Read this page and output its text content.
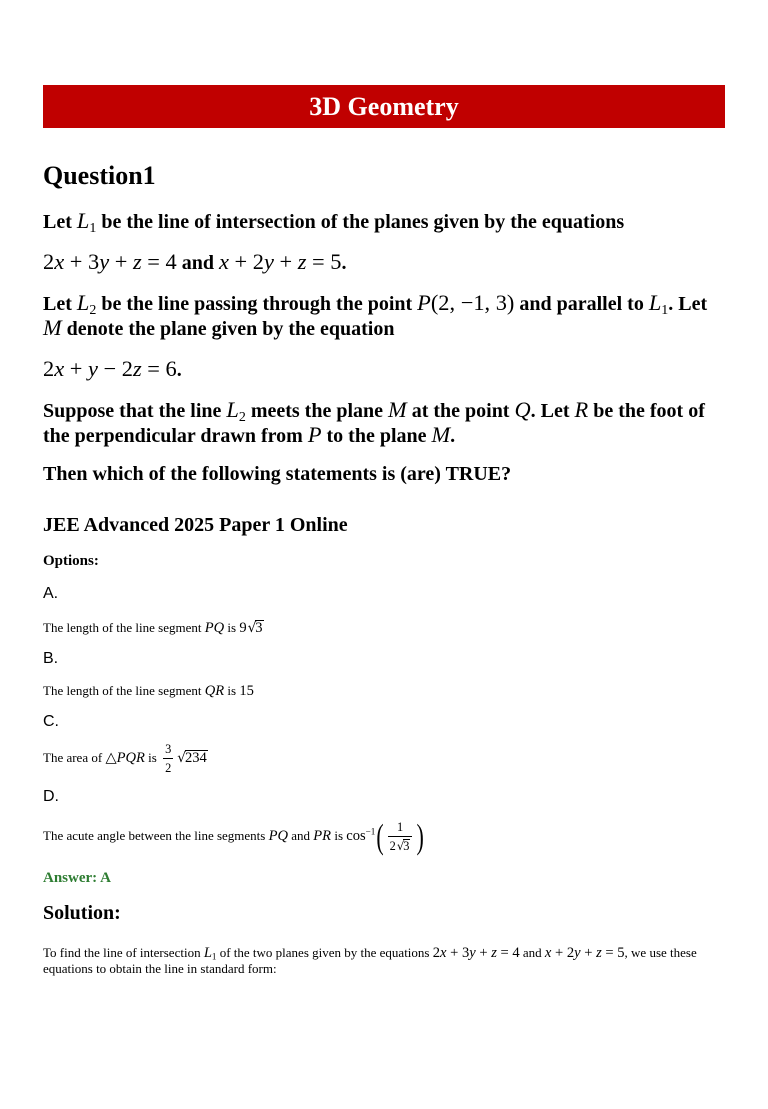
3D Geometry
Question1
Let $L_1$ be the line of intersection of the planes given by the equations
2x + 3y + z = 4 and x + 2y + z = 5.
Let $L_2$ be the line passing through the point P(2, −1, 3) and parallel to $L_1$. Let M denote the plane given by the equation
2x + y − 2z = 6.
Suppose that the line $L_2$ meets the plane M at the point Q. Let R be the foot of the perpendicular drawn from P to the plane M.
Then which of the following statements is (are) TRUE?
JEE Advanced 2025 Paper 1 Online
Options:
A.
The length of the line segment PQ is 9√3
B.
The length of the line segment QR is 15
C.
The area of △PQR is $\frac{3}{2} √234$
D.
The acute angle between the line segments PQ and PR is $\cos^{-1}( \frac{1}{2√3}$ )
Answer: A
Solution:
To find the line of intersection $L_1$ of the two planes given by the equations 2x + 3y + z = 4 and x + 2y + z = 5, we use these equations to obtain the line in standard form:
